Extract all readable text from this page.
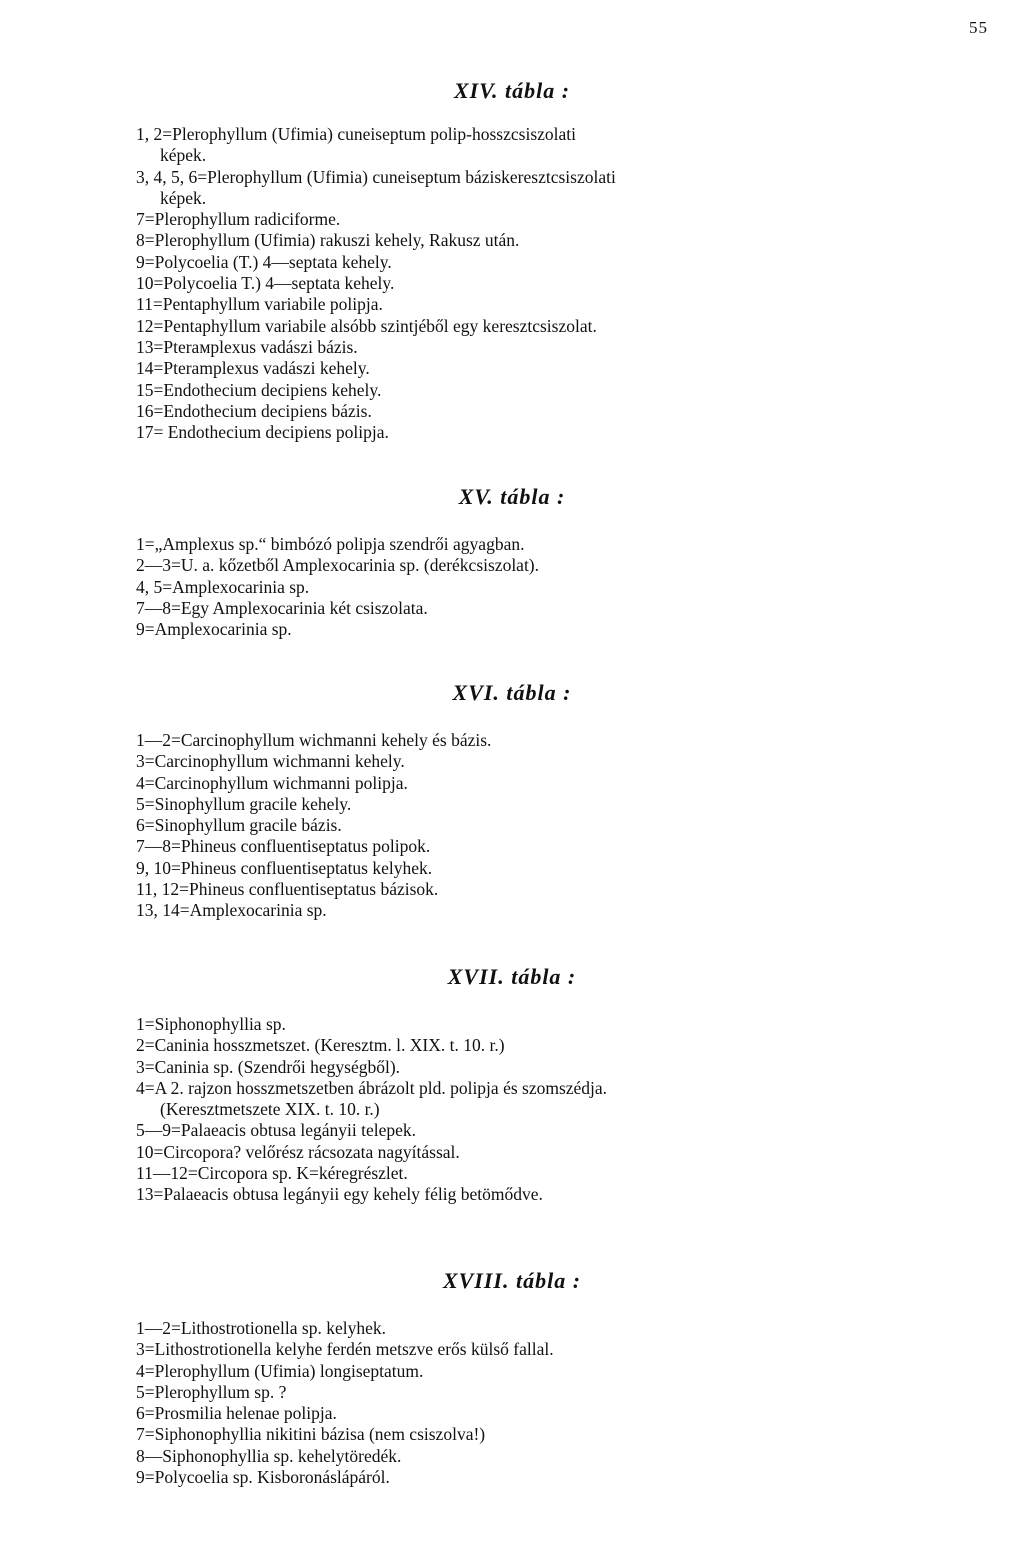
55
XIV. tábla :
1, 2=Plerophyllum (Ufimia) cuneiseptum polip-hosszcsiszolati
képek.
3, 4, 5, 6=Plerophyllum (Ufimia) cuneiseptum báziskeresztcsiszolati
képek.
7=Plerophyllum radiciforme.
8=Plerophyllum (Ufimia) rakuszi kehely, Rakusz után.
9=Polycoelia (T.) 4—septata kehely.
10=Polycoelia T.) 4—septata kehely.
11=Pentaphyllum variabile polipja.
12=Pentaphyllum variabile alsóbb szintjéből egy keresztcsiszolat.
13=Pterамplexus vadászi bázis.
14=Pterаmplexus vadászi kehely.
15=Endothecium decipiens kehely.
16=Endothecium decipiens bázis.
17= Endothecium decipiens polipja.
XV. tábla :
1=„Amplexus sp.“ bimbózó polipja szendrői agyagban.
2—3=U. a. kőzetből Amplexocarinia sp. (derékcsiszolat).
4, 5=Amplexocarinia sp.
7—8=Egy Amplexocarinia két csiszolata.
9=Amplexocarinia sp.
XVI. tábla :
1—2=Carcinophyllum wichmanni kehely és bázis.
3=Carcinophyllum wichmanni kehely.
4=Carcinophyllum wichmanni polipja.
5=Sinophyllum gracile kehely.
6=Sinophyllum gracile bázis.
7—8=Phineus confluentiseptatus polipok.
9, 10=Phineus confluentiseptatus kelyhek.
11, 12=Phineus confluentiseptatus bázisok.
13, 14=Amplexocarinia sp.
XVII. tábla :
1=Siphonophyllia sp.
2=Caninia hosszmetszet. (Keresztm. l. XIX. t. 10. r.)
3=Caninia sp. (Szendrői hegységből).
4=A 2. rajzon hosszmetszetben ábrázolt pld. polipja és szomszédja.
(Keresztmetszete XIX. t. 10. r.)
5—9=Palaeacis obtusa legányii telepek.
10=Circopora? velőrész rácsozata nagyítással.
11—12=Circopora sp. K=kéregrészlet.
13=Palaeacis obtusa legányii egy kehely félig betömődve.
XVIII. tábla :
1—2=Lithostrotionella sp. kelyhek.
3=Lithostrotionella kelyhe ferdén metszve erős külső fallal.
4=Plerophyllum (Ufimia) longiseptatum.
5=Plerophyllum sp. ?
6=Prosmilia helenae polipja.
7=Siphonophyllia nikitini bázisa (nem csiszolva!)
8—Siphonophyllia sp. kehelytöredék.
9=Polycoelia sp. Kisboronáslápáról.
